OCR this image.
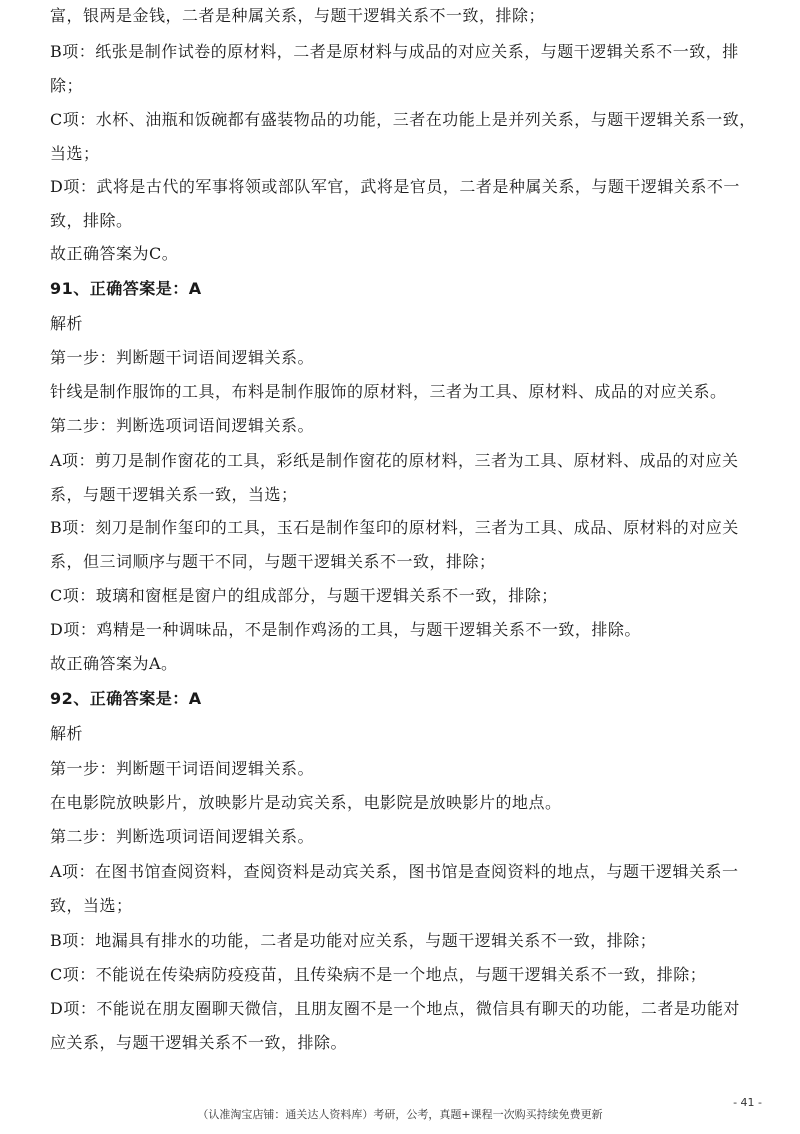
富，银两是金钱，二者是种属关系，与题干逻辑关系不一致，排除；
B项：纸张是制作试卷的原材料，二者是原材料与成品的对应关系，与题干逻辑关系不一致，排
除；
C项：水杯、油瓶和饭碗都有盛装物品的功能，三者在功能上是并列关系，与题干逻辑关系一致，
当选；
D项：武将是古代的军事将领或部队军官，武将是官员，二者是种属关系，与题干逻辑关系不一
致，排除。
故正确答案为C。
91、正确答案是：A
解析
第一步：判断题干词语间逻辑关系。
针线是制作服饰的工具，布料是制作服饰的原材料，三者为工具、原材料、成品的对应关系。
第二步：判断选项词语间逻辑关系。
A项：剪刀是制作窗花的工具，彩纸是制作窗花的原材料，三者为工具、原材料、成品的对应关
系，与题干逻辑关系一致，当选；
B项：刻刀是制作玺印的工具，玉石是制作玺印的原材料，三者为工具、成品、原材料的对应关
系，但三词顺序与题干不同，与题干逻辑关系不一致，排除；
C项：玻璃和窗框是窗户的组成部分，与题干逻辑关系不一致，排除；
D项：鸡精是一种调味品，不是制作鸡汤的工具，与题干逻辑关系不一致，排除。
故正确答案为A。
92、正确答案是：A
解析
第一步：判断题干词语间逻辑关系。
在电影院放映影片，放映影片是动宾关系，电影院是放映影片的地点。
第二步：判断选项词语间逻辑关系。
A项：在图书馆查阅资料，查阅资料是动宾关系，图书馆是查阅资料的地点，与题干逻辑关系一
致，当选；
B项：地漏具有排水的功能，二者是功能对应关系，与题干逻辑关系不一致，排除；
C项：不能说在传染病防疫疫苗，且传染病不是一个地点，与题干逻辑关系不一致，排除；
D项：不能说在朋友圈聊天微信，且朋友圈不是一个地点，微信具有聊天的功能，二者是功能对
应关系，与题干逻辑关系不一致，排除。
- 41 -
（认准淘宝店铺：通关达人资料库）考研，公考，真题+课程一次购买持续免费更新
